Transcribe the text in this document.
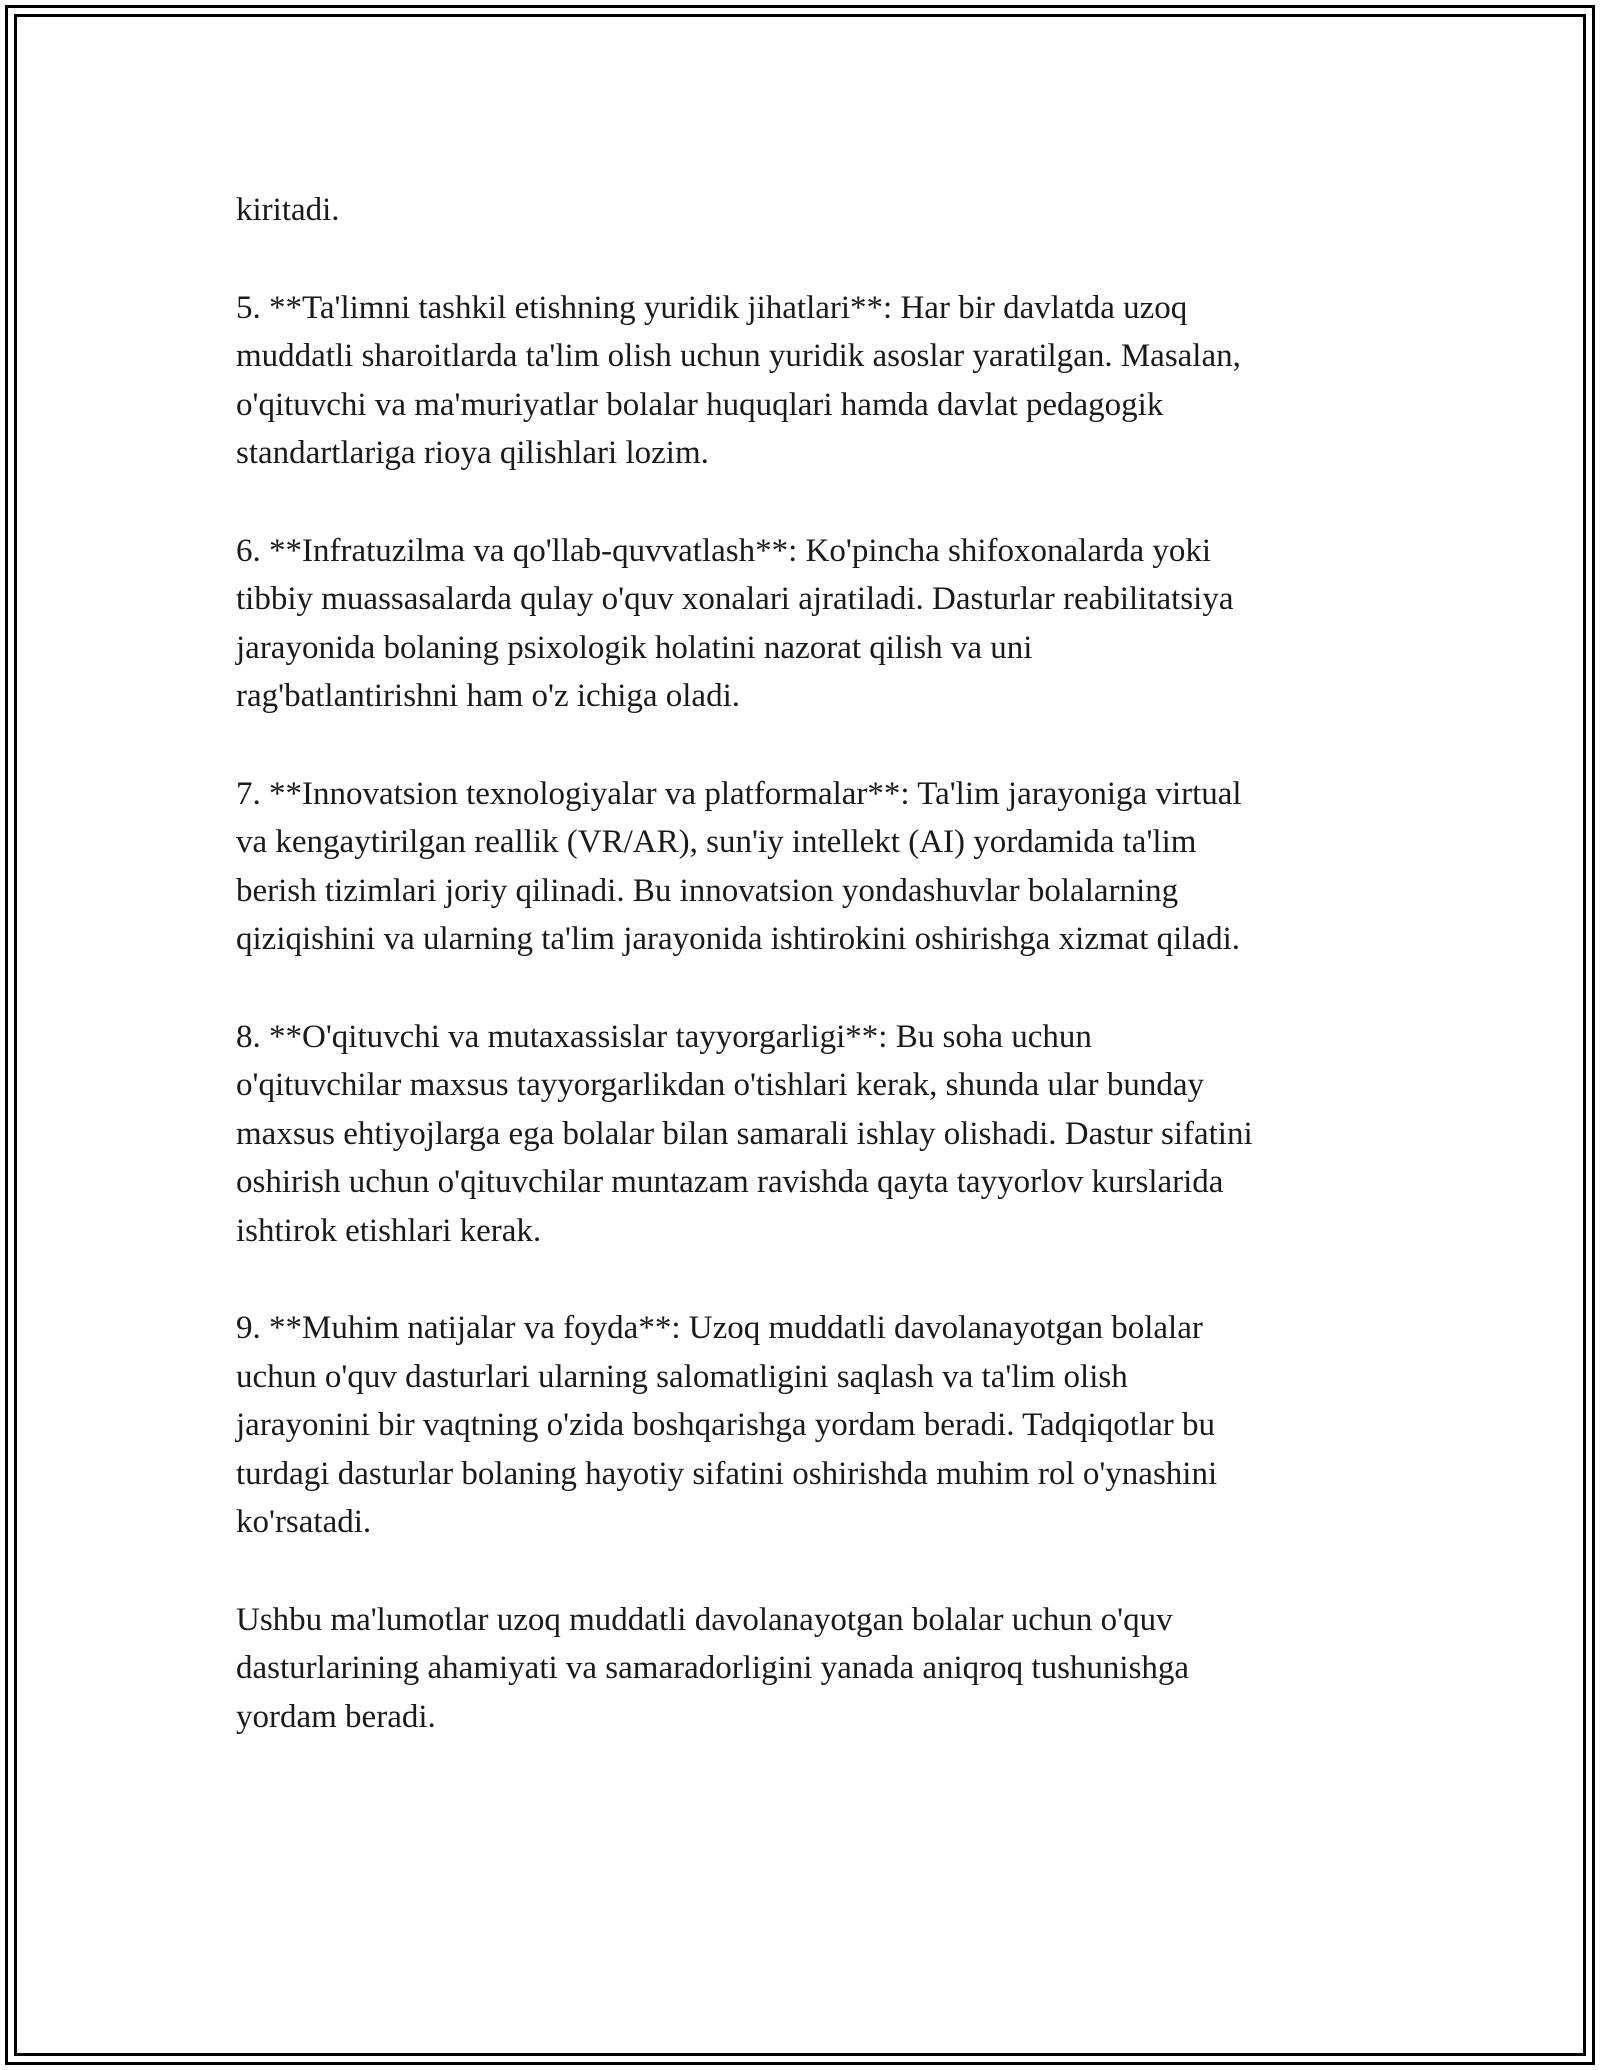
kiritadi.

5. **Ta'limni tashkil etishning yuridik jihatlari**: Har bir davlatda uzoq
muddatli sharoitlarda ta'lim olish uchun yuridik asoslar yaratilgan. Masalan,
o'qituvchi va ma'muriyatlar bolalar huquqlari hamda davlat pedagogik
standartlariga rioya qilishlari lozim.

6. **Infratuzilma va qo'llab-quvvatlash**: Ko'pincha shifoxonalarda yoki
tibbiy muassasalarda qulay o'quv xonalari ajratiladi. Dasturlar reabilitatsiya
jarayonida bolaning psixologik holatini nazorat qilish va uni
rag'batlantirishni ham o'z ichiga oladi.

7. **Innovatsion texnologiyalar va platformalar**: Ta'lim jarayoniga virtual
va kengaytirilgan reallik (VR/AR), sun'iy intellekt (AI) yordamida ta'lim
berish tizimlari joriy qilinadi. Bu innovatsion yondashuvlar bolalarning
qiziqishini va ularning ta'lim jarayonida ishtirokini oshirishga xizmat qiladi.

8. **O'qituvchi va mutaxassislar tayyorgarligi**: Bu soha uchun
o'qituvchilar maxsus tayyorgarlikdan o'tishlari kerak, shunda ular bunday
maxsus ehtiyojlarga ega bolalar bilan samarali ishlay olishadi. Dastur sifatini
oshirish uchun o'qituvchilar muntazam ravishda qayta tayyorlov kurslarida
ishtirok etishlari kerak.

9. **Muhim natijalar va foyda**: Uzoq muddatli davolanayotgan bolalar
uchun o'quv dasturlari ularning salomatligini saqlash va ta'lim olish
jarayonini bir vaqtning o'zida boshqarishga yordam beradi. Tadqiqotlar bu
turdagi dasturlar bolaning hayotiy sifatini oshirishda muhim rol o'ynashini
ko'rsatadi.

Ushbu ma'lumotlar uzoq muddatli davolanayotgan bolalar uchun o'quv
dasturlarining ahamiyati va samaradorligini yanada aniqroq tushunishga
yordam beradi.
